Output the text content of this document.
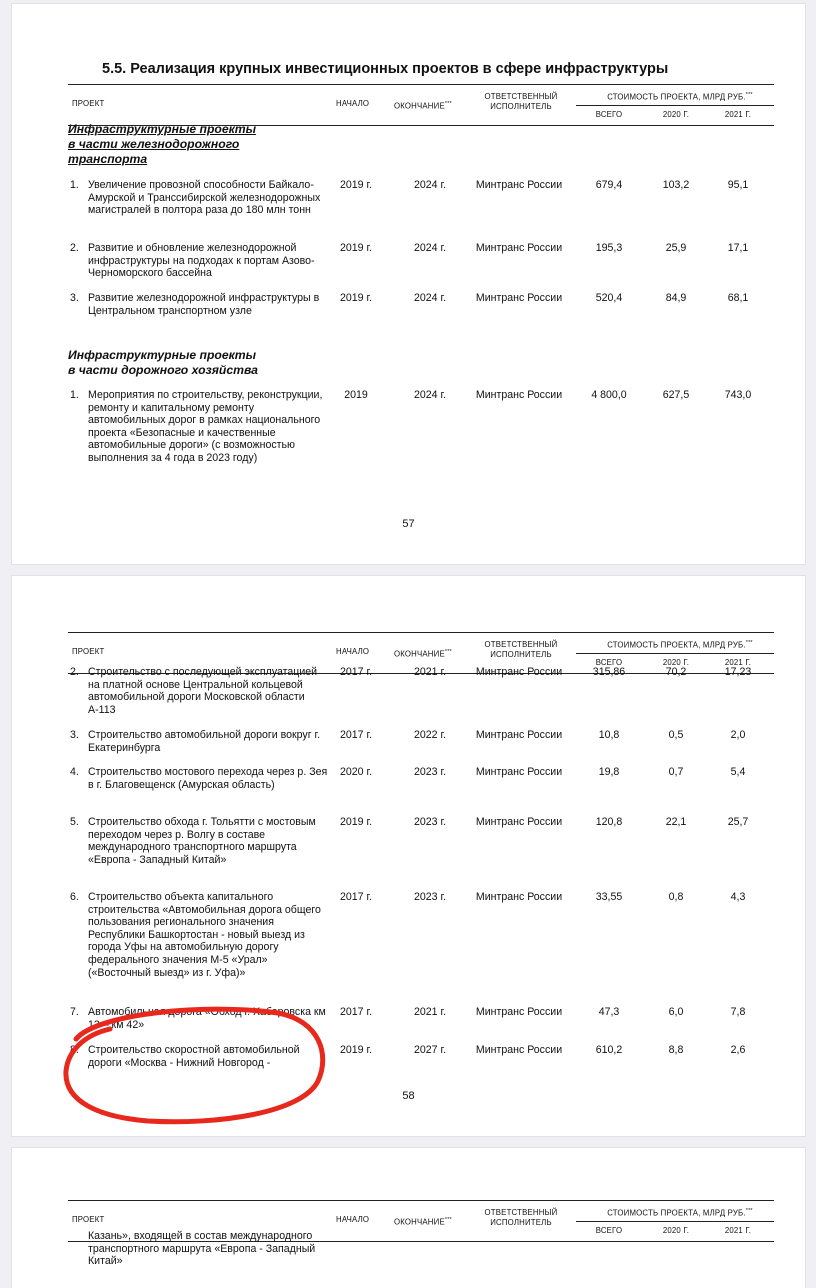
5.5. Реализация крупных инвестиционных проектов в сфере инфраструктуры
ПРОЕКТ	НАЧАЛО	ОКОНЧАНИЕ***
ОТВЕТСТВЕННЫЙ
ИСПОЛНИТЕЛЬ
СТОИМОСТЬ ПРОЕКТА, МЛРД РУБ.***
ВСЕГО	2020 Г.	2021 Г.
Инфраструктурные проекты
в части железнодорожного
транспорта
1. Увеличение провозной способности Байкало-Амурской и Транссибирской железнодорожных магистралей в полтора раза до 180 млн тонн
2019 г.	2024 г.	Минтранс России	679,4	103,2	95,1
2. Развитие и обновление железнодорожной инфраструктуры на подходах к портам Азово-Черноморского бассейна
2019 г.	2024 г.	Минтранс России	195,3	25,9	17,1
3. Развитие железнодорожной инфраструктуры в Центральном транспортном узле
2019 г.	2024 г.	Минтранс России	520,4	84,9	68,1
Инфраструктурные проекты
в части дорожного хозяйства
1. Мероприятия по строительству, реконструкции, ремонту и капитальному ремонту автомобильных дорог в рамках национального проекта «Безопасные и качественные автомобильные дороги» (с возможностью выполнения за 4 года в 2023 году)
2019	2024 г.	Минтранс России	4 800,0	627,5	743,0
57
ПРОЕКТ	НАЧАЛО	ОКОНЧАНИЕ***
ОТВЕТСТВЕННЫЙ
ИСПОЛНИТЕЛЬ
СТОИМОСТЬ ПРОЕКТА, МЛРД РУБ.***
ВСЕГО	2020 Г.	2021 Г.
2. Строительство с последующей эксплуатацией на платной основе Центральной кольцевой автомобильной дороги Московской области А-113
2017 г.	2021 г.	Минтранс России	315,86	70,2	17,23
3. Строительство автомобильной дороги вокруг г. Екатеринбурга
2017 г.	2022 г.	Минтранс России	10,8	0,5	2,0
4. Строительство мостового перехода через р. Зея в г. Благовещенск (Амурская область)
2020 г.	2023 г.	Минтранс России	19,8	0,7	5,4
5. Строительство обхода г. Тольятти с мостовым переходом через р. Волгу в составе международного транспортного маршрута «Европа - Западный Китай»
2019 г.	2023 г.	Минтранс России	120,8	22,1	25,7
6. Строительство объекта капитального строительства «Автомобильная дорога общего пользования регионального значения Республики Башкортостан - новый выезд из города Уфы на автомобильную дорогу федерального значения М-5 «Урал» («Восточный выезд» из г. Уфа)»
2017 г.	2023 г.	Минтранс России	33,55	0,8	4,3
7. Автомобильная дорога «Обход г. Хабаровска км 13 – км 42»
2017 г.	2021 г.	Минтранс России	47,3	6,0	7,8
8. Строительство скоростной автомобильной дороги «Москва - Нижний Новгород -
2019 г.	2027 г.	Минтранс России	610,2	8,8	2,6
58
ПРОЕКТ	НАЧАЛО	ОКОНЧАНИЕ***
ОТВЕТСТВЕННЫЙ
ИСПОЛНИТЕЛЬ
СТОИМОСТЬ ПРОЕКТА, МЛРД РУБ.***
ВСЕГО	2020 Г.	2021 Г.
Казань», входящей в состав международного транспортного маршрута «Европа - Западный Китай»
